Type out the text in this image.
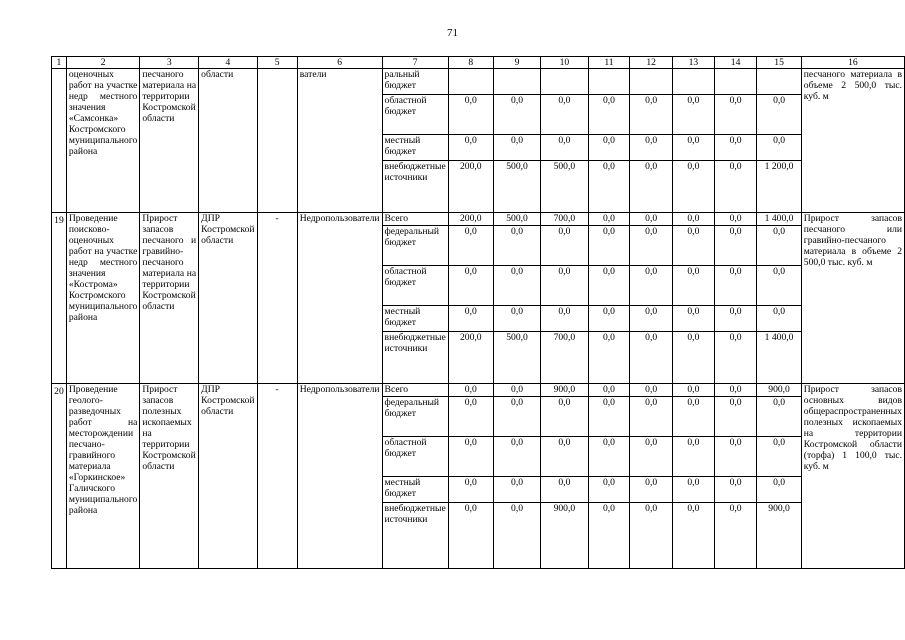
71
1	2	3	4	5	6	7	8	9	10	11	12	13	14	15	16
	оценочных работ на участке недр местного значения «Самсонка» Костромского муниципального района	песчаного материала на территории Костромской области	области		ватели	ральный бюджет									песчаного материала в объеме 2 500,0 тыс. куб. м
						областной бюджет	0,0	0,0	0,0	0,0	0,0	0,0	0,0	0,0	
						местный бюджет	0,0	0,0	0,0	0,0	0,0	0,0	0,0	0,0	
						внебюджетные источники	200,0	500,0	500,0	0,0	0,0	0,0	0,0	1 200,0	
19	Проведение поисково-оценочных работ на участке недр местного значения «Кострома» Костромского муниципального района	Прирост запасов песчаного и гравийно-песчаного материала на территории Костромской области	ДПР Костромской области	-	Недропользователи	Всего	200,0	500,0	700,0	0,0	0,0	0,0	0,0	1 400,0	Прирост запасов песчаного или гравийно-песчаного материала в объеме 2 500,0 тыс. куб. м
						федеральный бюджет	0,0	0,0	0,0	0,0	0,0	0,0	0,0	0,0	
						областной бюджет	0,0	0,0	0,0	0,0	0,0	0,0	0,0	0,0	
						местный бюджет	0,0	0,0	0,0	0,0	0,0	0,0	0,0	0,0	
						внебюджетные источники	200,0	500,0	700,0	0,0	0,0	0,0	0,0	1 400,0	
20	Проведение геолого-разведочных работ на месторождении песчано-гравийного материала «Горкинское» Галичского муниципального района	Прирост запасов полезных ископаемых на территории Костромской области	ДПР Костромской области	-	Недропользователи	Всего	0,0	0,0	900,0	0,0	0,0	0,0	0,0	900,0	Прирост запасов основных видов общераспространенных полезных ископаемых на территории Костромской области (торфа) 1 100,0 тыс. куб. м
						федеральный бюджет	0,0	0,0	0,0	0,0	0,0	0,0	0,0	0,0	
						областной бюджет	0,0	0,0	0,0	0,0	0,0	0,0	0,0	0,0	
						местный бюджет	0,0	0,0	0,0	0,0	0,0	0,0	0,0	0,0	
						внебюджетные источники	0,0	0,0	900,0	0,0	0,0	0,0	0,0	900,0	
